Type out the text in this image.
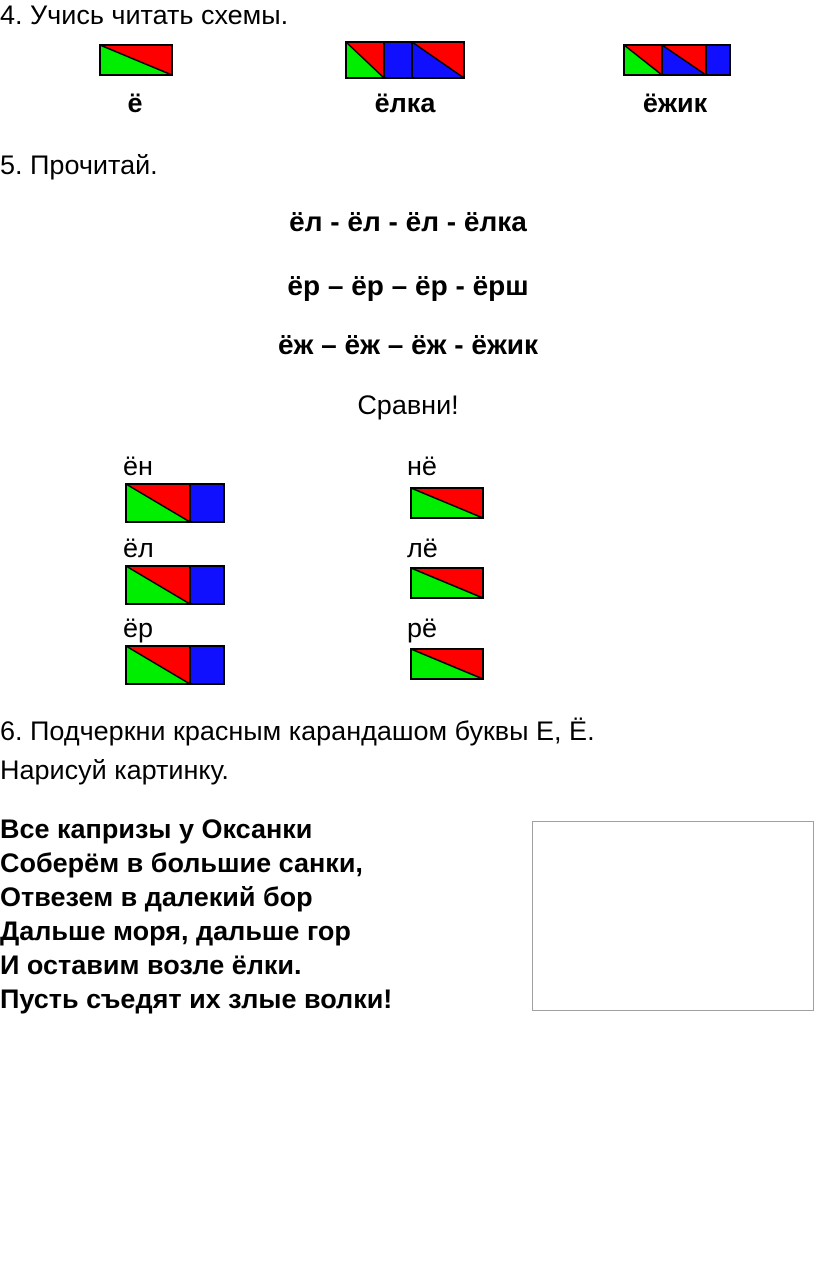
4. Учись читать схемы.
ё	ёлка	ёжик
5. Прочитай.
ёл - ёл - ёл - ёлка
ёр – ёр – ёр - ёрш
ёж – ёж – ёж - ёжик
Сравни!
ён
ёл
ёр
нё
лё
рё
6. Подчеркни красным карандашом буквы Е, Ё.
Нарисуй картинку.
Все капризы у Оксанки
Соберём в большие санки,
Отвезем в далекий бор
Дальше моря, дальше гор
И оставим возле ёлки.
Пусть съедят их злые волки!
